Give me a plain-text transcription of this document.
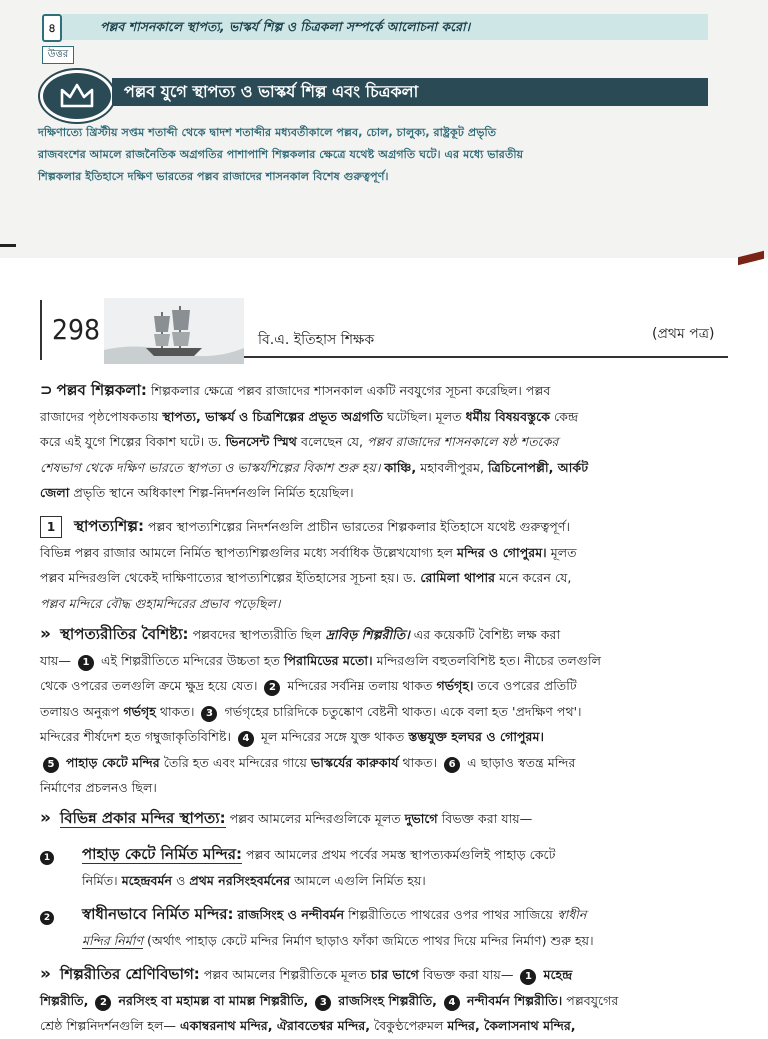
৪	পল্লব শাসনকালে স্থাপত্য, ভাস্কর্য শিল্প ও চিত্রকলা সম্পর্কে আলোচনা করো।
উত্তর
পল্লব যুগে স্থাপত্য ও ভাস্কর্য শিল্প এবং চিত্রকলা
দক্ষিণাত্যে খ্রিস্টীয় সপ্তম শতাব্দী থেকে দ্বাদশ শতাব্দীর মধ্যবর্তীকালে পল্লব, চোল, চালুক্য, রাষ্ট্রকূট প্রভৃতি
রাজবংশের আমলে রাজনৈতিক অগ্রগতির পাশাপাশি শিল্পকলার ক্ষেত্রে যথেষ্ট অগ্রগতি ঘটে। এর মধ্যে ভারতীয়
শিল্পকলার ইতিহাসে দক্ষিণ ভারতের পল্লব রাজাদের শাসনকাল বিশেষ গুরুত্বপূর্ণ।
298	বি.এ. ইতিহাস শিক্ষক	(প্রথম পত্র)
⊃ পল্লব শিল্পকলা: শিল্পকলার ক্ষেত্রে পল্লব রাজাদের শাসনকাল একটি নবযুগের সূচনা করেছিল। পল্লব
রাজাদের পৃষ্ঠপোষকতায় স্থাপত্য, ভাস্কর্য ও চিত্রশিল্পের প্রভূত অগ্রগতি ঘটেছিল। মূলত ধর্মীয় বিষয়বস্তুকে কেন্দ্র
করে এই যুগে শিল্পের বিকাশ ঘটে। ড. ভিনসেন্ট স্মিথ বলেছেন যে, পল্লব রাজাদের শাসনকালে ষষ্ঠ শতকের
শেষভাগ থেকে দক্ষিণ ভারতে স্থাপত্য ও ভাস্কর্যশিল্পের বিকাশ শুরু হয়। কাঞ্চি, মহাবলীপুরম, ত্রিচিনোপল্লী, আর্কট
জেলা প্রভৃতি স্থানে অধিকাংশ শিল্প-নিদর্শনগুলি নির্মিত হয়েছিল।
1 স্থাপত্যশিল্প: পল্লব স্থাপত্যশিল্পের নিদর্শনগুলি প্রাচীন ভারতের শিল্পকলার ইতিহাসে যথেষ্ট গুরুত্বপূর্ণ।
বিভিন্ন পল্লব রাজার আমলে নির্মিত স্থাপত্যশিল্পগুলির মধ্যে সর্বাধিক উল্লেখযোগ্য হল মন্দির ও গোপুরম। মূলত
পল্লব মন্দিরগুলি থেকেই দাক্ষিণাত্যের স্থাপত্যশিল্পের ইতিহাসের সূচনা হয়। ড. রোমিলা থাপার মনে করেন যে,
পল্লব মন্দিরে বৌদ্ধ গুহামন্দিরের প্রভাব পড়েছিল।
» স্থাপত্যরীতির বৈশিষ্ট্য: পল্লবদের স্থাপত্যরীতি ছিল দ্রাবিড় শিল্পরীতি। এর কয়েকটি বৈশিষ্ট্য লক্ষ করা
যায়— 1 এই শিল্পরীতিতে মন্দিরের উচ্চতা হত পিরামিডের মতো। মন্দিরগুলি বহুতলবিশিষ্ট হত। নীচের তলগুলি
থেকে ওপরের তলগুলি ক্রমে ক্ষুদ্র হয়ে যেত। 2 মন্দিরের সর্বনিম্ন তলায় থাকত গর্ভগৃহ। তবে ওপরের প্রতিটি
তলায়ও অনুরূপ গর্ভগৃহ থাকত। 3 গর্ভগৃহের চারিদিকে চতুষ্কোণ বেষ্টনী থাকত। একে বলা হত 'প্রদক্ষিণ পথ'।
মন্দিরের শীর্ষদেশ হত গম্বুজাকৃতিবিশিষ্ট। 4 মূল মন্দিরের সঙ্গে যুক্ত থাকত স্তম্ভযুক্ত হলঘর ও গোপুরম।
5 পাহাড় কেটে মন্দির তৈরি হত এবং মন্দিরের গায়ে ভাস্কর্যের কারুকার্য থাকত। 6 এ ছাড়াও স্বতন্ত্র মন্দির
নির্মাণের প্রচলনও ছিল।
» বিভিন্ন প্রকার মন্দির স্থাপত্য: পল্লব আমলের মন্দিরগুলিকে মূলত দুভাগে বিভক্ত করা যায়—
1 পাহাড় কেটে নির্মিত মন্দির: পল্লব আমলের প্রথম পর্বের সমস্ত স্থাপত্যকর্মগুলিই পাহাড় কেটে
নির্মিত। মহেন্দ্রবর্মন ও প্রথম নরসিংহবর্মনের আমলে এগুলি নির্মিত হয়।
2 স্বাধীনভাবে নির্মিত মন্দির: রাজসিংহ ও নন্দীবর্মন শিল্পরীতিতে পাথরের ওপর পাথর সাজিয়ে স্বাধীন
মন্দির নির্মাণ (অর্থাৎ পাহাড় কেটে মন্দির নির্মাণ ছাড়াও ফাঁকা জমিতে পাথর দিয়ে মন্দির নির্মাণ) শুরু হয়।
» শিল্পরীতির শ্রেণিবিভাগ: পল্লব আমলের শিল্পরীতিকে মূলত চার ভাগে বিভক্ত করা যায়— 1 মহেন্দ্র
শিল্পরীতি, 2 নরসিংহ বা মহামল্ল বা মামল্ল শিল্পরীতি, 3 রাজসিংহ শিল্পরীতি, 4 নন্দীবর্মন শিল্পরীতি। পল্লবযুগের
শ্রেষ্ঠ শিল্পনিদর্শনগুলি হল— একাম্বরনাথ মন্দির, ঐরাবতেশ্বর মন্দির, বৈকুণ্ঠপেরুমল মন্দির, কৈলাসনাথ মন্দির,
